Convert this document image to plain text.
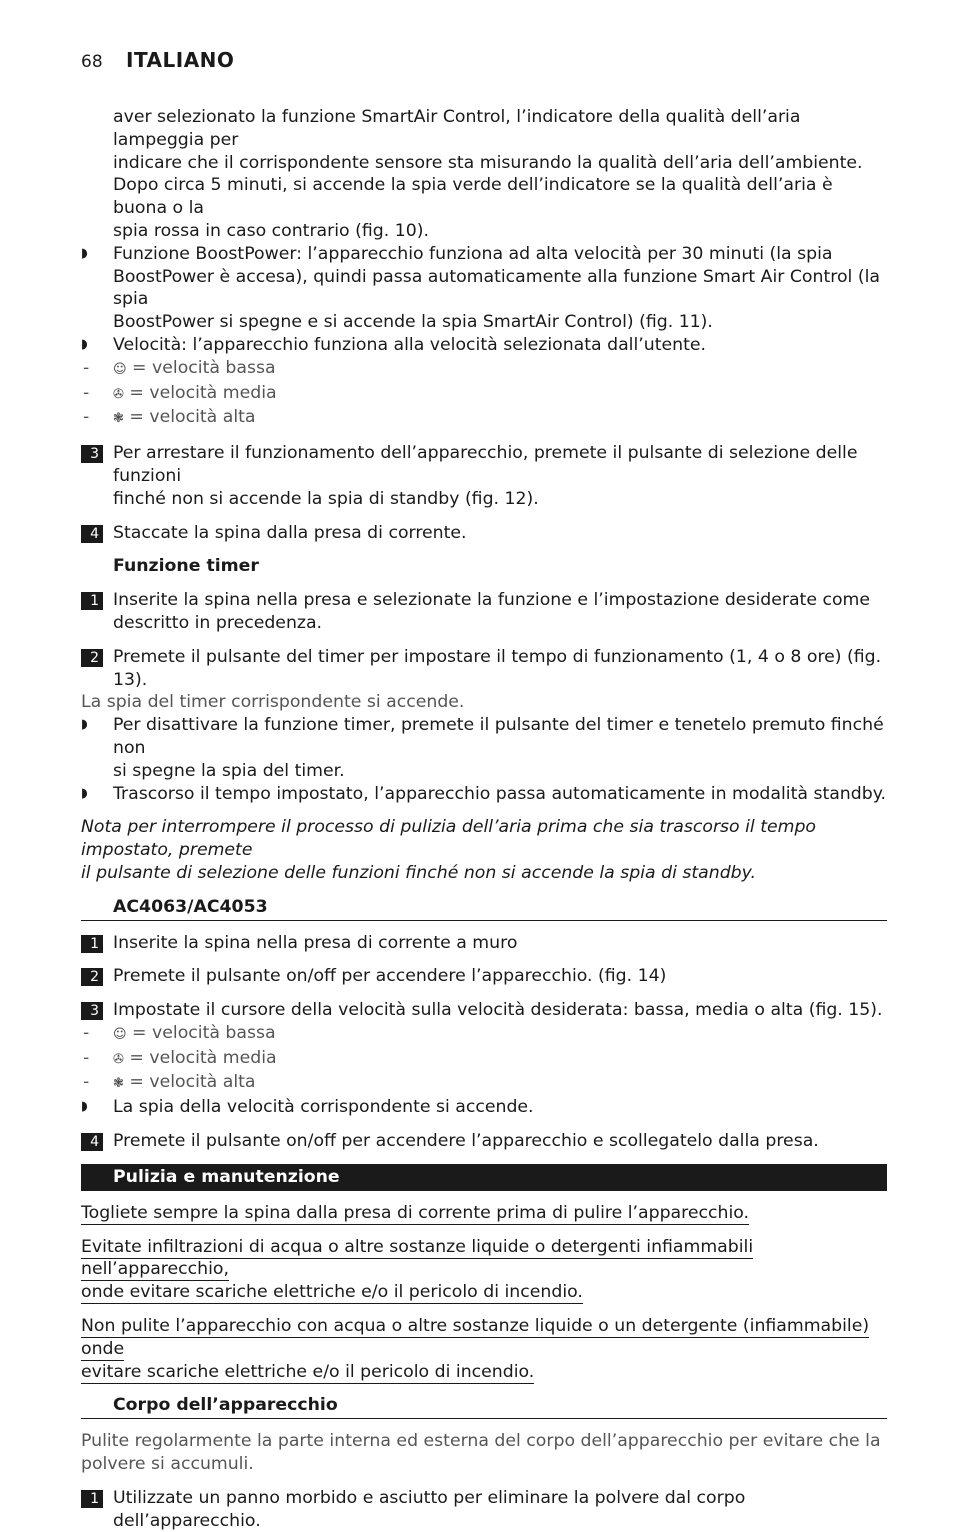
68 ITALIANO
aver selezionato la funzione SmartAir Control, l’indicatore della qualità dell’aria lampeggia per
indicare che il corrispondente sensore sta misurando la qualità dell’aria dell’ambiente.
Dopo circa 5 minuti, si accende la spia verde dell’indicatore se la qualità dell’aria è buona o la
spia rossa in caso contrario (fig. 10).
◗ Funzione BoostPower: l’apparecchio funziona ad alta velocità per 30 minuti (la spia
BoostPower è accesa), quindi passa automaticamente alla funzione Smart Air Control (la spia
BoostPower si spegne e si accende la spia SmartAir Control) (fig. 11).
◗ Velocità: l’apparecchio funziona alla velocità selezionata dall’utente.
- ☺ = velocità bassa
- ✇ = velocità media
- ❃ = velocità alta
3 Per arrestare il funzionamento dell’apparecchio, premete il pulsante di selezione delle funzioni
finché non si accende la spia di standby (fig. 12).
4 Staccate la spina dalla presa di corrente.
Funzione timer
1 Inserite la spina nella presa e selezionate la funzione e l’impostazione desiderate come
descritto in precedenza.
2 Premete il pulsante del timer per impostare il tempo di funzionamento (1, 4 o 8 ore) (fig. 13).
La spia del timer corrispondente si accende.
◗ Per disattivare la funzione timer, premete il pulsante del timer e tenetelo premuto finché non
si spegne la spia del timer.
◗ Trascorso il tempo impostato, l’apparecchio passa automaticamente in modalità standby.
Nota per interrompere il processo di pulizia dell’aria prima che sia trascorso il tempo impostato, premete
il pulsante di selezione delle funzioni finché non si accende la spia di standby.
AC4063/AC4053
1 Inserite la spina nella presa di corrente a muro
2 Premete il pulsante on/off per accendere l’apparecchio. (fig. 14)
3 Impostate il cursore della velocità sulla velocità desiderata: bassa, media o alta (fig. 15).
- ☺ = velocità bassa
- ✇ = velocità media
- ❃ = velocità alta
◗ La spia della velocità corrispondente si accende.
4 Premete il pulsante on/off per accendere l’apparecchio e scollegatelo dalla presa.
Pulizia e manutenzione
Togliete sempre la spina dalla presa di corrente prima di pulire l’apparecchio.
Evitate infiltrazioni di acqua o altre sostanze liquide o detergenti infiammabili nell’apparecchio,
onde evitare scariche elettriche e/o il pericolo di incendio.
Non pulite l’apparecchio con acqua o altre sostanze liquide o un detergente (infiammabile) onde
evitare scariche elettriche e/o il pericolo di incendio.
Corpo dell’apparecchio
Pulite regolarmente la parte interna ed esterna del corpo dell’apparecchio per evitare che la
polvere si accumuli.
1 Utilizzate un panno morbido e asciutto per eliminare la polvere dal corpo dell’apparecchio.
